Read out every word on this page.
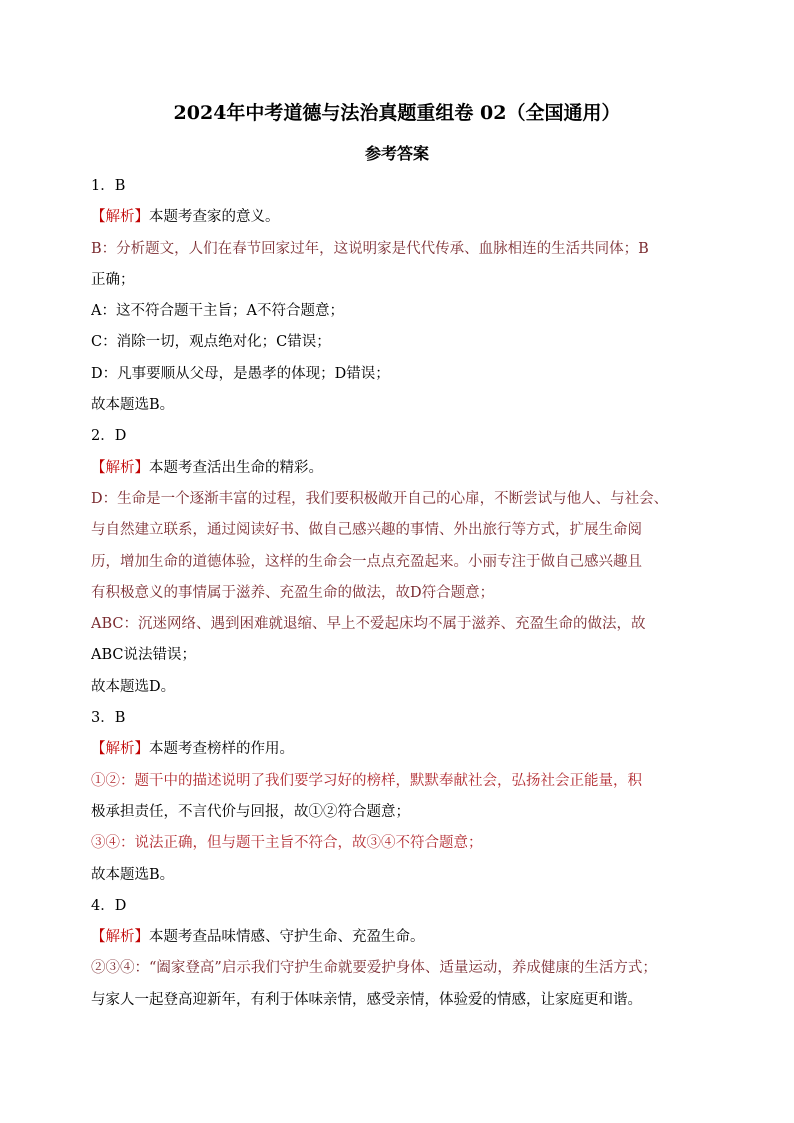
2024年中考道德与法治真题重组卷 02（全国通用）
参考答案
1．B
【解析】本题考查家的意义。
B：分析题文，人们在春节回家过年，这说明家是代代传承、血脉相连的生活共同体；B
正确；
A：这不符合题干主旨；A不符合题意；
C：消除一切，观点绝对化；C错误；
D：凡事要顺从父母，是愚孝的体现；D错误；
故本题选B。
2．D
【解析】本题考查活出生命的精彩。
D：生命是一个逐渐丰富的过程，我们要积极敞开自己的心扉，不断尝试与他人、与社会、
与自然建立联系，通过阅读好书、做自己感兴趣的事情、外出旅行等方式，扩展生命阅
历，增加生命的道德体验，这样的生命会一点点充盈起来。小丽专注于做自己感兴趣且
有积极意义的事情属于滋养、充盈生命的做法，故D符合题意；
ABC：沉迷网络、遇到困难就退缩、早上不爱起床均不属于滋养、充盈生命的做法，故
ABC说法错误；
故本题选D。
3．B
【解析】本题考查榜样的作用。
①②：题干中的描述说明了我们要学习好的榜样，默默奉献社会，弘扬社会正能量，积
极承担责任，不言代价与回报，故①②符合题意；
③④：说法正确，但与题干主旨不符合，故③④不符合题意；
故本题选B。
4．D
【解析】本题考查品味情感、守护生命、充盈生命。
②③④：“阖家登高”启示我们守护生命就要爱护身体、适量运动，养成健康的生活方式；
与家人一起登高迎新年，有利于体味亲情，感受亲情，体验爱的情感，让家庭更和谐。
